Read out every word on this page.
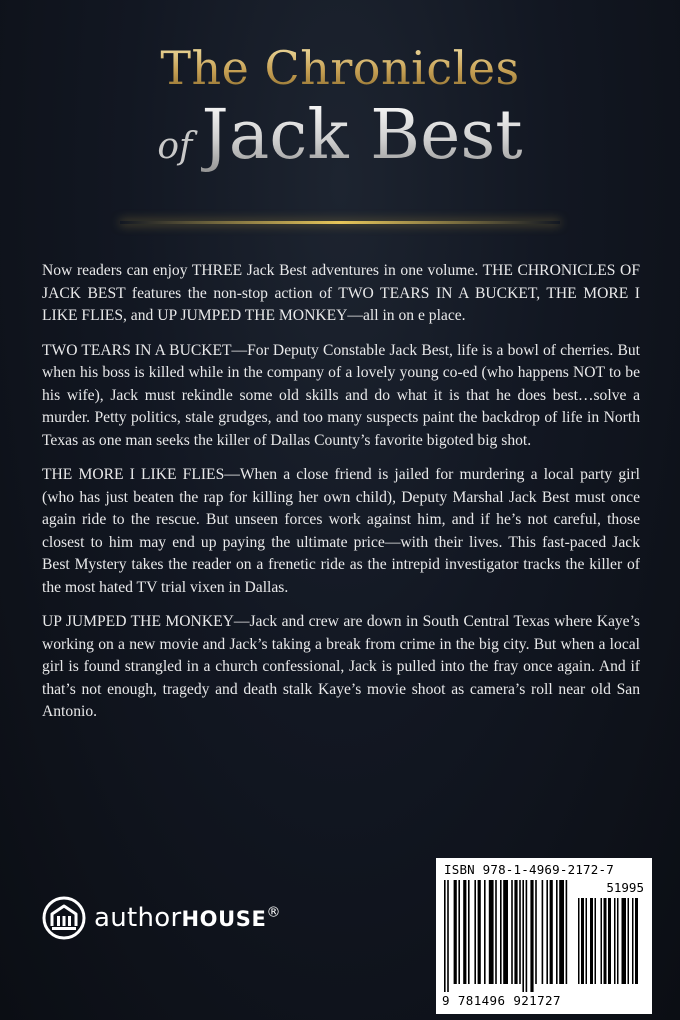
The Chronicles
of Jack Best

Now readers can enjoy THREE Jack Best adventures in one volume. THE CHRONICLES OF JACK BEST features the non-stop action of TWO TEARS IN A BUCKET, THE MORE I LIKE FLIES, and UP JUMPED THE MONKEY—all in on e place.

TWO TEARS IN A BUCKET—For Deputy Constable Jack Best, life is a bowl of cherries. But when his boss is killed while in the company of a lovely young co-ed (who happens NOT to be his wife), Jack must rekindle some old skills and do what it is that he does best…solve a murder. Petty politics, stale grudges, and too many suspects paint the backdrop of life in North Texas as one man seeks the killer of Dallas County’s favorite bigoted big shot.

THE MORE I LIKE FLIES—When a close friend is jailed for murdering a local party girl (who has just beaten the rap for killing her own child), Deputy Marshal Jack Best must once again ride to the rescue. But unseen forces work against him, and if he’s not careful, those closest to him may end up paying the ultimate price—with their lives. This fast-paced Jack Best Mystery takes the reader on a frenetic ride as the intrepid investigator tracks the killer of the most hated TV trial vixen in Dallas.

UP JUMPED THE MONKEY—Jack and crew are down in South Central Texas where Kaye’s working on a new movie and Jack’s taking a break from crime in the big city. But when a local girl is found strangled in a church confessional, Jack is pulled into the fray once again. And if that’s not enough, tragedy and death stalk Kaye’s movie shoot as camera’s roll near old San Antonio.

authorHOUSE®
ISBN 978-1-4969-2172-7
51995
9 781496 921727
